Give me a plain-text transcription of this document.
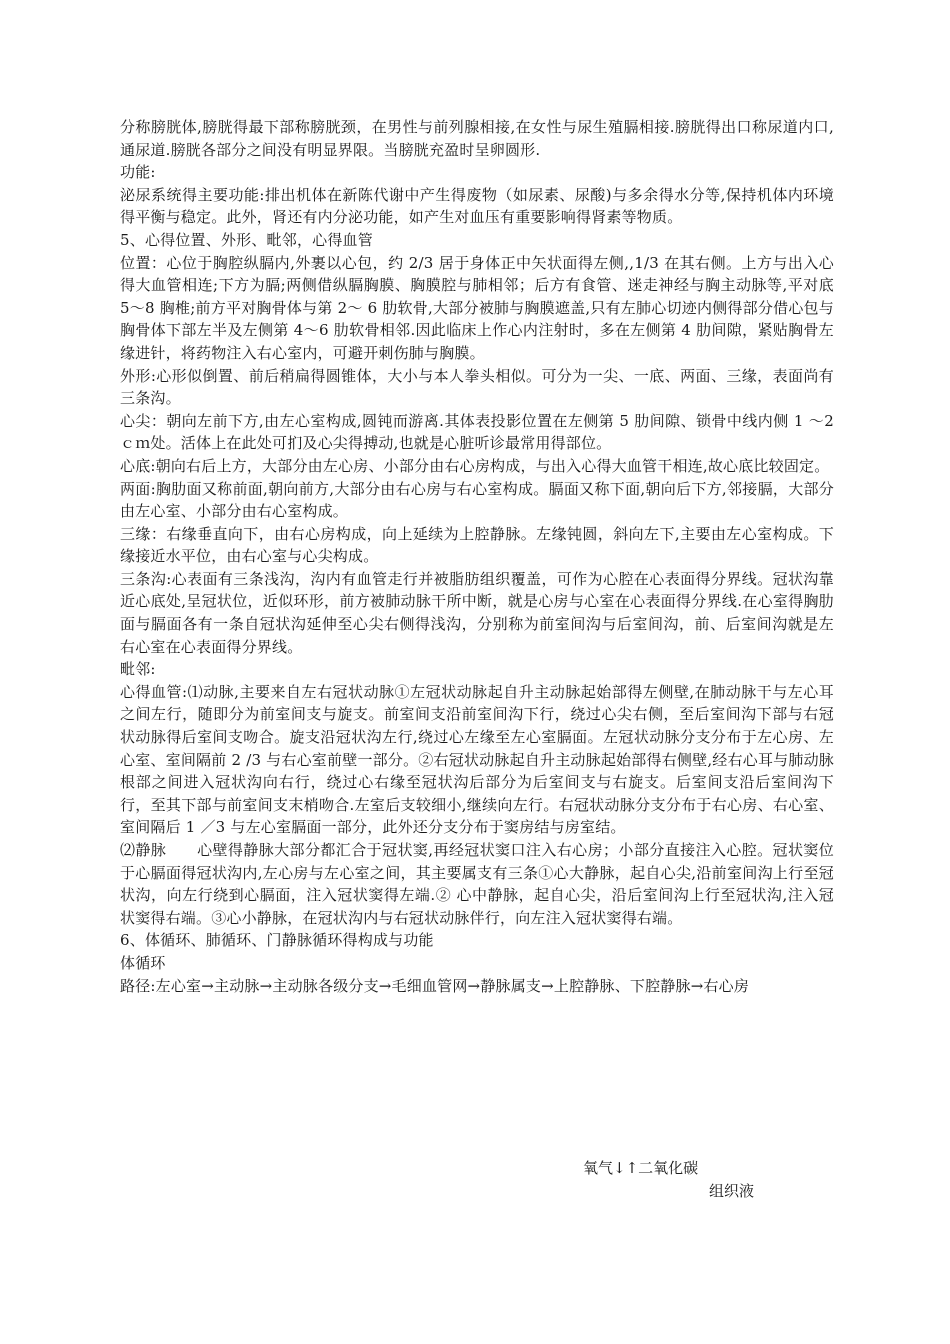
分称膀胱体,膀胱得最下部称膀胱颈，在男性与前列腺相接,在女性与尿生殖膈相接.膀胱得出口称尿道内口,通尿道.膀胱各部分之间没有明显界限。当膀胱充盈时呈卵圆形.

功能:

泌尿系统得主要功能:排出机体在新陈代谢中产生得废物（如尿素、尿酸)与多余得水分等,保持机体内环境得平衡与稳定。此外，肾还有内分泌功能，如产生对血压有重要影响得肾素等物质。

5、心得位置、外形、毗邻，心得血管

位置：心位于胸腔纵膈内,外裹以心包，约 2/3 居于身体正中矢状面得左侧,,1/3 在其右侧。上方与出入心得大血管相连;下方为膈;两侧借纵膈胸膜、胸膜腔与肺相邻；后方有食管、迷走神经与胸主动脉等,平对底 5～8 胸椎;前方平对胸骨体与第 2～ 6 肋软骨,大部分被肺与胸膜遮盖,只有左肺心切迹内侧得部分借心包与胸骨体下部左半及左侧第 4～6 肋软骨相邻.因此临床上作心内注射时，多在左侧第 4 肋间隙，紧贴胸骨左缘进针，将药物注入右心室内，可避开刺伤肺与胸膜。

外形:心形似倒置、前后稍扁得圆锥体，大小与本人拳头相似。可分为一尖、一底、两面、三缘，表面尚有三条沟。

心尖：朝向左前下方,由左心室构成,圆钝而游离.其体表投影位置在左侧第 5 肋间隙、锁骨中线内侧 1 ～2 ｃｍ处。活体上在此处可扪及心尖得搏动,也就是心脏听诊最常用得部位。

心底:朝向右后上方，大部分由左心房、小部分由右心房构成，与出入心得大血管干相连,故心底比较固定。

两面:胸肋面又称前面,朝向前方,大部分由右心房与右心室构成。膈面又称下面,朝向后下方,邻接膈，大部分由左心室、小部分由右心室构成。

三缘：右缘垂直向下，由右心房构成，向上延续为上腔静脉。左缘钝圆，斜向左下,主要由左心室构成。下缘接近水平位，由右心室与心尖构成。

三条沟:心表面有三条浅沟，沟内有血管走行并被脂肪组织覆盖，可作为心腔在心表面得分界线。冠状沟靠近心底处,呈冠状位，近似环形，前方被肺动脉干所中断，就是心房与心室在心表面得分界线.在心室得胸肋面与膈面各有一条自冠状沟延伸至心尖右侧得浅沟，分别称为前室间沟与后室间沟，前、后室间沟就是左右心室在心表面得分界线。

毗邻:

心得血管:⑴动脉,主要来自左右冠状动脉①左冠状动脉起自升主动脉起始部得左侧壁,在肺动脉干与左心耳之间左行，随即分为前室间支与旋支。前室间支沿前室间沟下行，绕过心尖右侧，至后室间沟下部与右冠状动脉得后室间支吻合。旋支沿冠状沟左行,绕过心左缘至左心室膈面。左冠状动脉分支分布于左心房、左心室、室间隔前 2 /3 与右心室前壁一部分。②右冠状动脉起自升主动脉起始部得右侧壁,经右心耳与肺动脉根部之间进入冠状沟向右行，绕过心右缘至冠状沟后部分为后室间支与右旋支。后室间支沿后室间沟下行，至其下部与前室间支末梢吻合.左室后支较细小,继续向左行。右冠状动脉分支分布于右心房、右心室、室间隔后 1 ／3 与左心室膈面一部分，此外还分支分布于窦房结与房室结。

⑵静脉　　心壁得静脉大部分都汇合于冠状窦,再经冠状窦口注入右心房；小部分直接注入心腔。冠状窦位于心膈面得冠状沟内,左心房与左心室之间，其主要属支有三条①心大静脉，起自心尖,沿前室间沟上行至冠状沟，向左行绕到心膈面，注入冠状窦得左端.② 心中静脉，起自心尖，沿后室间沟上行至冠状沟,注入冠状窦得右端。③心小静脉，在冠状沟内与右冠状动脉伴行，向左注入冠状窦得右端。

6、体循环、肺循环、门静脉循环得构成与功能

体循环

路径:左心室→主动脉→主动脉各级分支→毛细血管网→静脉属支→上腔静脉、下腔静脉→右心房

氧气↓↑二氧化碳
组织液
